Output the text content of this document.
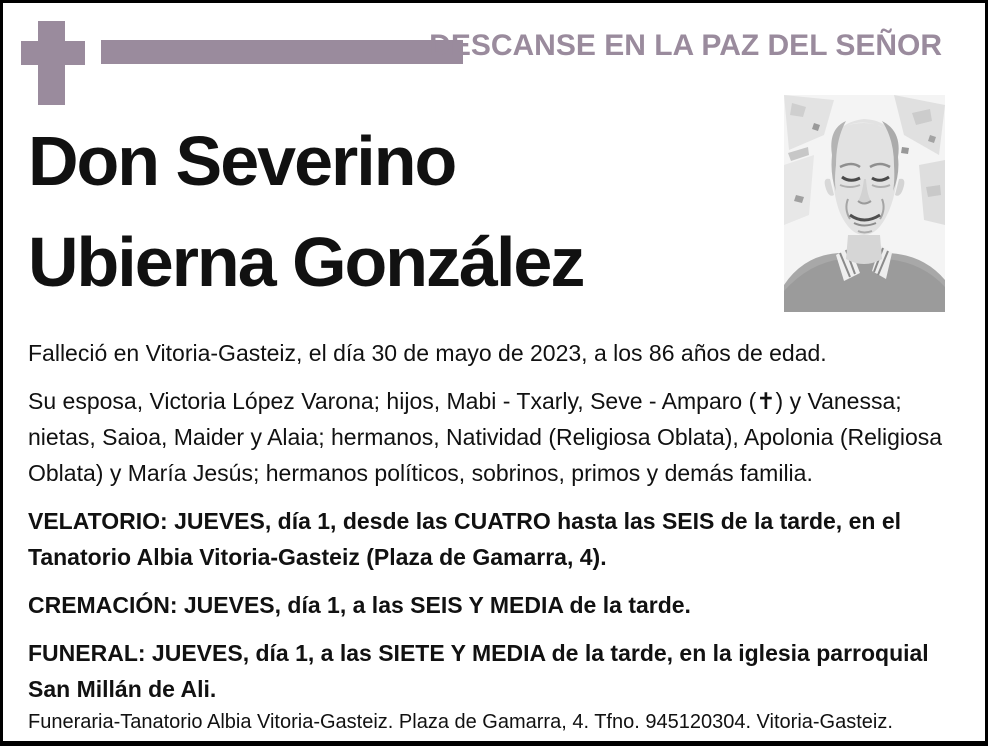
DESCANSE EN LA PAZ DEL SEÑOR
Don Severino
Ubierna González

Falleció en Vitoria-Gasteiz, el día 30 de mayo de 2023, a los 86 años de edad.

Su esposa, Victoria López Varona; hijos, Mabi - Txarly, Seve - Amparo (✝) y Vanessa; nietas, Saioa, Maider y Alaia; hermanos, Natividad (Religiosa Oblata), Apolonia (Religiosa Oblata) y María Jesús; hermanos políticos, sobrinos, primos y demás familia.

VELATORIO: JUEVES, día 1, desde las CUATRO hasta las SEIS de la tarde, en el Tanatorio Albia Vitoria-Gasteiz (Plaza de Gamarra, 4).

CREMACIÓN: JUEVES, día 1, a las SEIS Y MEDIA de la tarde.

FUNERAL: JUEVES, día 1, a las SIETE Y MEDIA de la tarde, en la iglesia parroquial San Millán de Ali.

Funeraria-Tanatorio Albia Vitoria-Gasteiz. Plaza de Gamarra, 4. Tfno. 945120304. Vitoria-Gasteiz.
